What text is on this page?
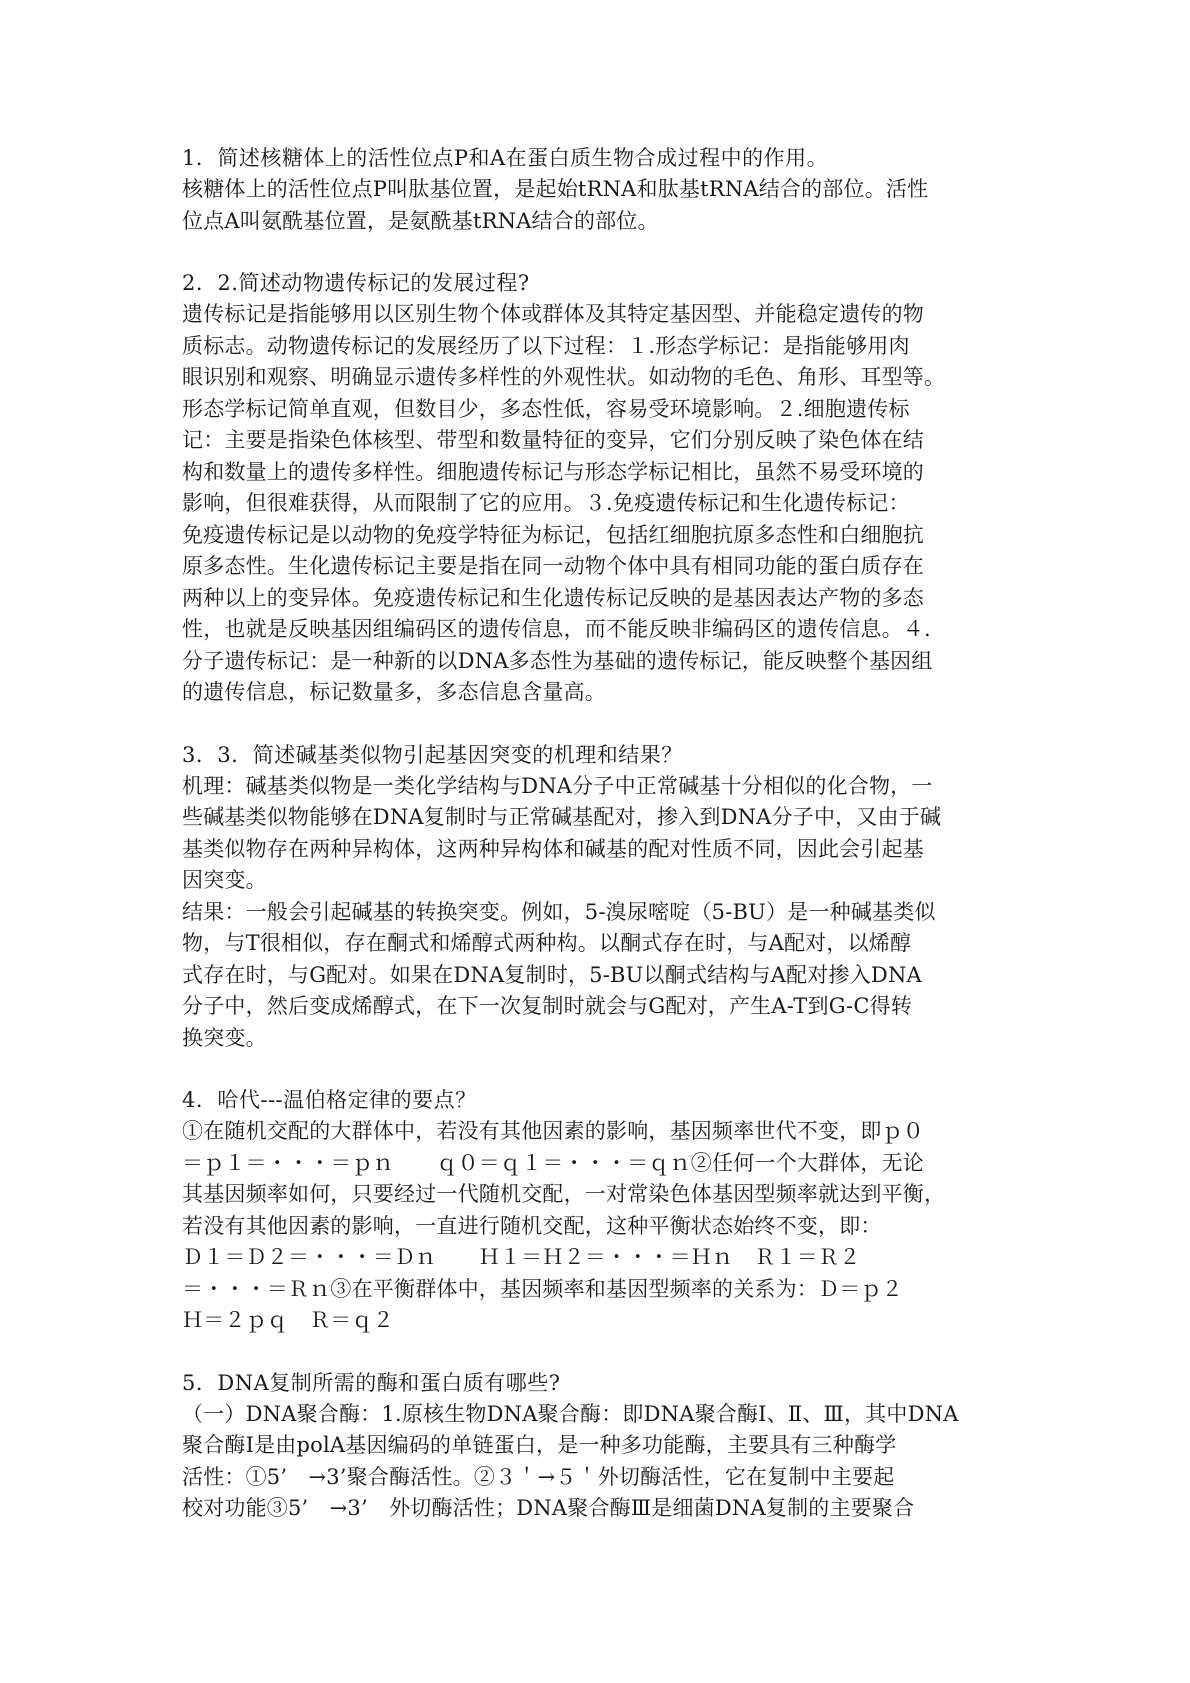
1．简述核糖体上的活性位点P和A在蛋白质生物合成过程中的作用。

核糖体上的活性位点P叫肽基位置，是起始tRNA和肽基tRNA结合的部位。活性

位点A叫氨酰基位置，是氨酰基tRNA结合的部位。

2．2.简述动物遗传标记的发展过程?

遗传标记是指能够用以区别生物个体或群体及其特定基因型、并能稳定遗传的物

质标志。动物遗传标记的发展经历了以下过程：１.形态学标记：是指能够用肉

眼识别和观察、明确显示遗传多样性的外观性状。如动物的毛色、角形、耳型等。

形态学标记简单直观，但数目少，多态性低，容易受环境影响。２.细胞遗传标

记：主要是指染色体核型、带型和数量特征的变异，它们分别反映了染色体在结

构和数量上的遗传多样性。细胞遗传标记与形态学标记相比，虽然不易受环境的

影响，但很难获得，从而限制了它的应用。３.免疫遗传标记和生化遗传标记：

免疫遗传标记是以动物的免疫学特征为标记，包括红细胞抗原多态性和白细胞抗

原多态性。生化遗传标记主要是指在同一动物个体中具有相同功能的蛋白质存在

两种以上的变异体。免疫遗传标记和生化遗传标记反映的是基因表达产物的多态

性，也就是反映基因组编码区的遗传信息，而不能反映非编码区的遗传信息。４.

分子遗传标记：是一种新的以DNA多态性为基础的遗传标记，能反映整个基因组

的遗传信息，标记数量多，多态信息含量高。

3．3．简述碱基类似物引起基因突变的机理和结果？

机理：碱基类似物是一类化学结构与DNA分子中正常碱基十分相似的化合物，一

些碱基类似物能够在DNA复制时与正常碱基配对，掺入到DNA分子中，又由于碱

基类似物存在两种异构体，这两种异构体和碱基的配对性质不同，因此会引起基

因突变。

结果：一般会引起碱基的转换突变。例如，5-溴尿嘧啶（5-BU）是一种碱基类似

物，与T很相似，存在酮式和烯醇式两种构。以酮式存在时，与A配对，以烯醇

式存在时，与G配对。如果在DNA复制时，5-BU以酮式结构与A配对掺入DNA

分子中，然后变成烯醇式，在下一次复制时就会与G配对，产生A-T到G-C得转

换突变。

4．哈代---温伯格定律的要点？

①在随机交配的大群体中，若没有其他因素的影响，基因频率世代不变，即ｐ０

＝ｐ１＝・・・＝ｐｎ　　ｑ０＝ｑ１＝・・・＝ｑｎ②任何一个大群体，无论

其基因频率如何，只要经过一代随机交配，一对常染色体基因型频率就达到平衡，

若没有其他因素的影响，一直进行随机交配，这种平衡状态始终不变，即：

Ｄ１＝Ｄ２＝・・・＝Ｄｎ　　Ｈ１＝Ｈ２＝・・・＝Ｈｎ　Ｒ１＝Ｒ２

＝・・・＝Ｒｎ③在平衡群体中，基因频率和基因型频率的关系为：Ｄ＝ｐ２

Ｈ＝２ｐｑ　Ｒ＝ｑ２

5．DNA复制所需的酶和蛋白质有哪些?

（一）DNA聚合酶：1.原核生物DNA聚合酶：即DNA聚合酶Ⅰ、Ⅱ、Ⅲ，其中DNA

聚合酶Ⅰ是由polA基因编码的单链蛋白，是一种多功能酶，主要具有三种酶学

活性：①5’　→3’聚合酶活性。②３＇→５＇外切酶活性，它在复制中主要起

校对功能③5’　→3’　外切酶活性；DNA聚合酶Ⅲ是细菌DNA复制的主要聚合
